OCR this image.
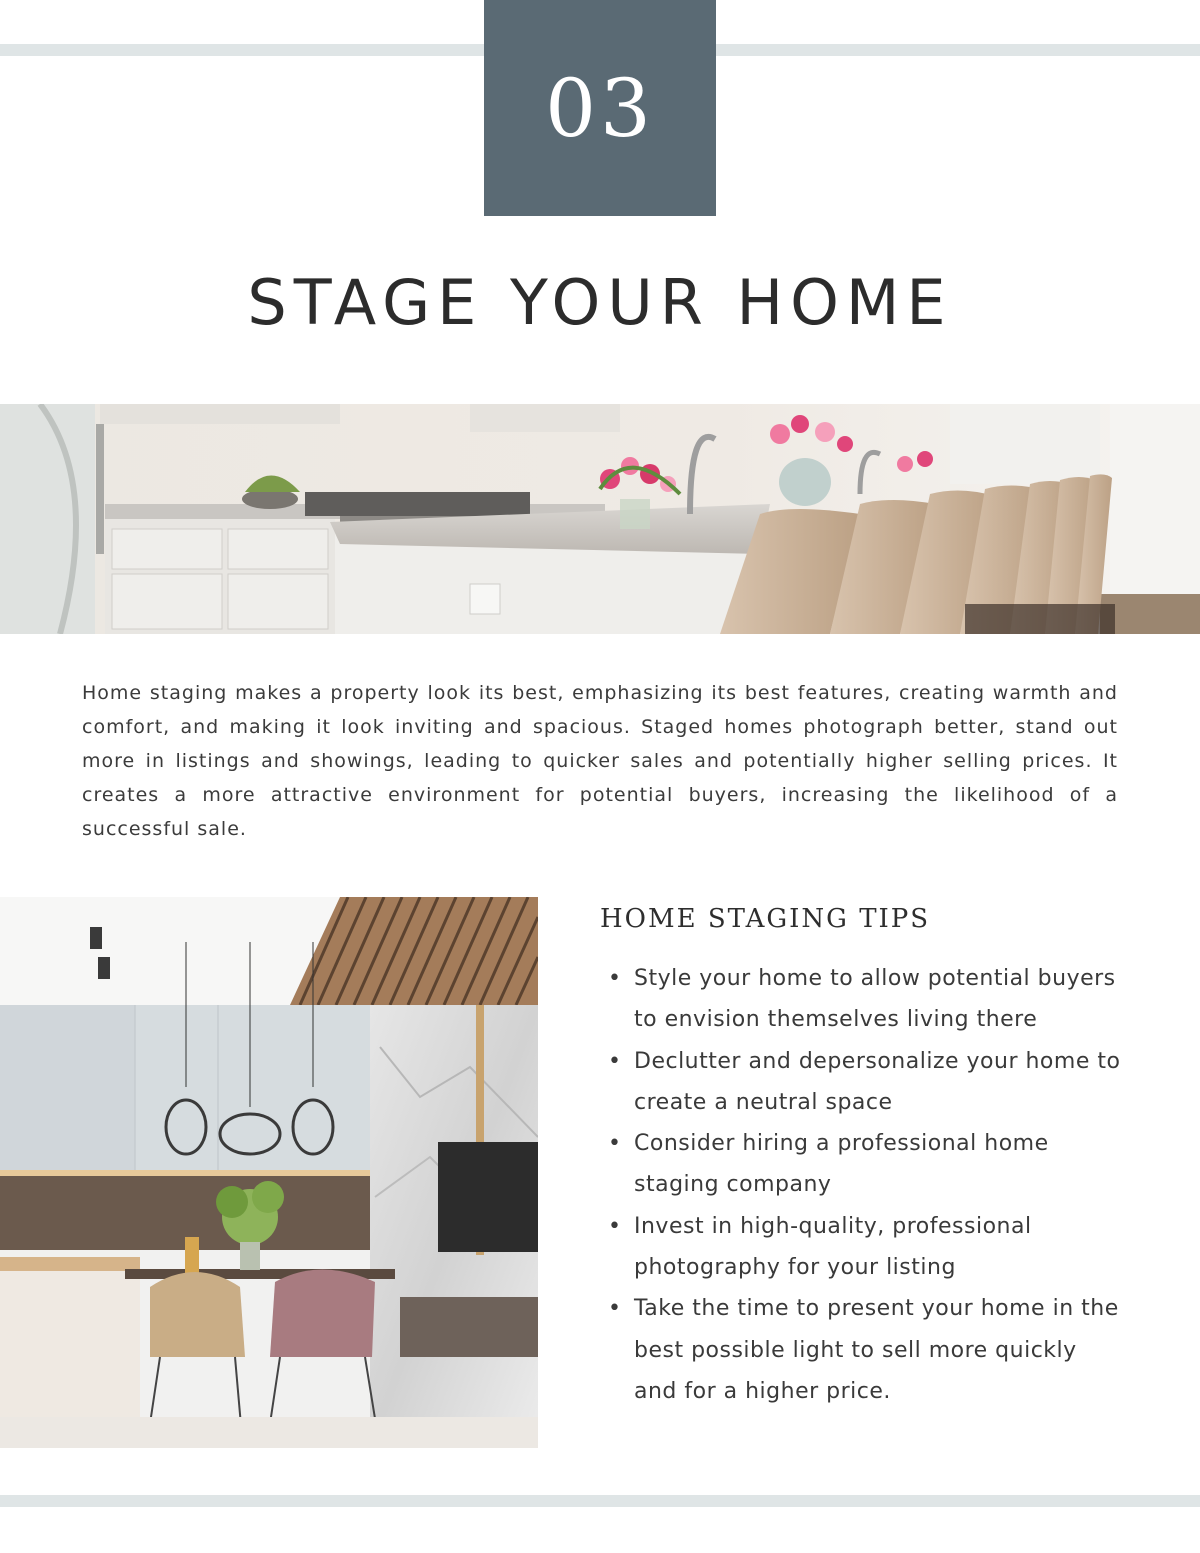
03
STAGE YOUR HOME

Home staging makes a property look its best, emphasizing its best features, creating warmth and comfort, and making it look inviting and spacious. Staged homes photograph better, stand out more in listings and showings, leading to quicker sales and potentially higher selling prices. It creates a more attractive environment for potential buyers, increasing the likelihood of a successful sale.

HOME STAGING TIPS
• Style your home to allow potential buyers to envision themselves living there
• Declutter and depersonalize your home to create a neutral space
• Consider hiring a professional home staging company
• Invest in high-quality, professional photography for your listing
• Take the time to present your home in the best possible light to sell more quickly and for a higher price.
